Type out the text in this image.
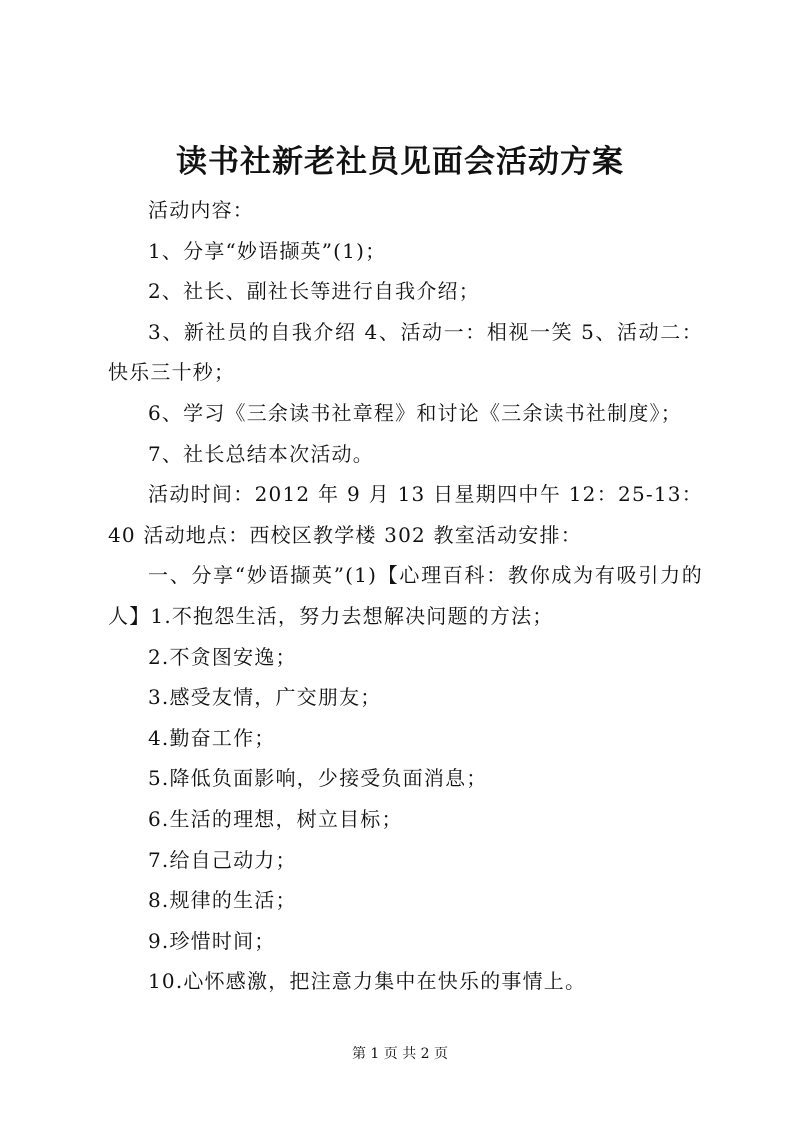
读书社新老社员见面会活动方案

活动内容：

1、分享“妙语撷英”(1)；

2、社长、副社长等进行自我介绍；

3、新社员的自我介绍 4、活动一：相视一笑 5、活动二：快乐三十秒；

6、学习《三余读书社章程》和讨论《三余读书社制度》；

7、社长总结本次活动。

活动时间：2012 年 9 月 13 日星期四中午 12：25-13：40 活动地点：西校区教学楼 302 教室活动安排：

一、分享“妙语撷英”(1)【心理百科：教你成为有吸引力的人】1.不抱怨生活，努力去想解决问题的方法；

2.不贪图安逸；

3.感受友情，广交朋友；

4.勤奋工作；

5.降低负面影响，少接受负面消息；

6.生活的理想，树立目标；

7.给自己动力；

8.规律的生活；

9.珍惜时间；

10.心怀感激，把注意力集中在快乐的事情上。

第 1 页 共 2 页
